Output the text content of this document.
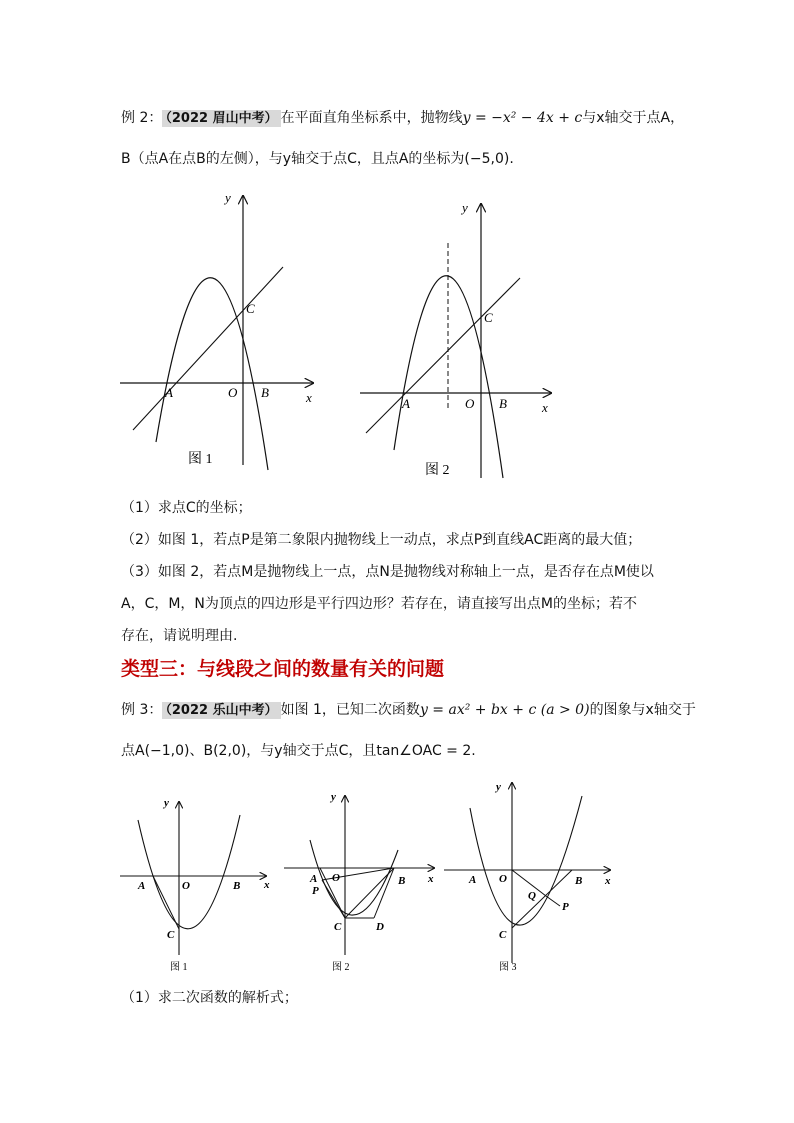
例 2： （2022 眉山中考） 在平面直角坐标系中，抛物线y = −x² − 4x + c与x轴交于点A，
B（点A在点B的左侧），与y轴交于点C，且点A的坐标为(−5,0).
y
x
A	O B
C
图 1
y
x
A	O B
C
图 2
（1）求点C的坐标；
（2）如图 1，若点P是第二象限内抛物线上一动点，求点P到直线AC距离的最大值；
（3）如图 2，若点M是抛物线上一点，点N是抛物线对称轴上一点，是否存在点M使以
A，C，M，N为顶点的四边形是平行四边形？若存在，请直接写出点M的坐标；若不
存在，请说明理由.
类型三：与线段之间的数量有关的问题
例 3： （2022 乐山中考） 如图 1，已知二次函数y = ax² + bx + c (a > 0)的图象与x轴交于
点A(−1,0)、B(2,0)，与y轴交于点C，且tan∠OAC = 2.
y
x
A	O	B
C
图 1
y
x
A O	B
P
C	D
图 2
y
x
A O	B
Q
P
C
图 3
（1）求二次函数的解析式；
